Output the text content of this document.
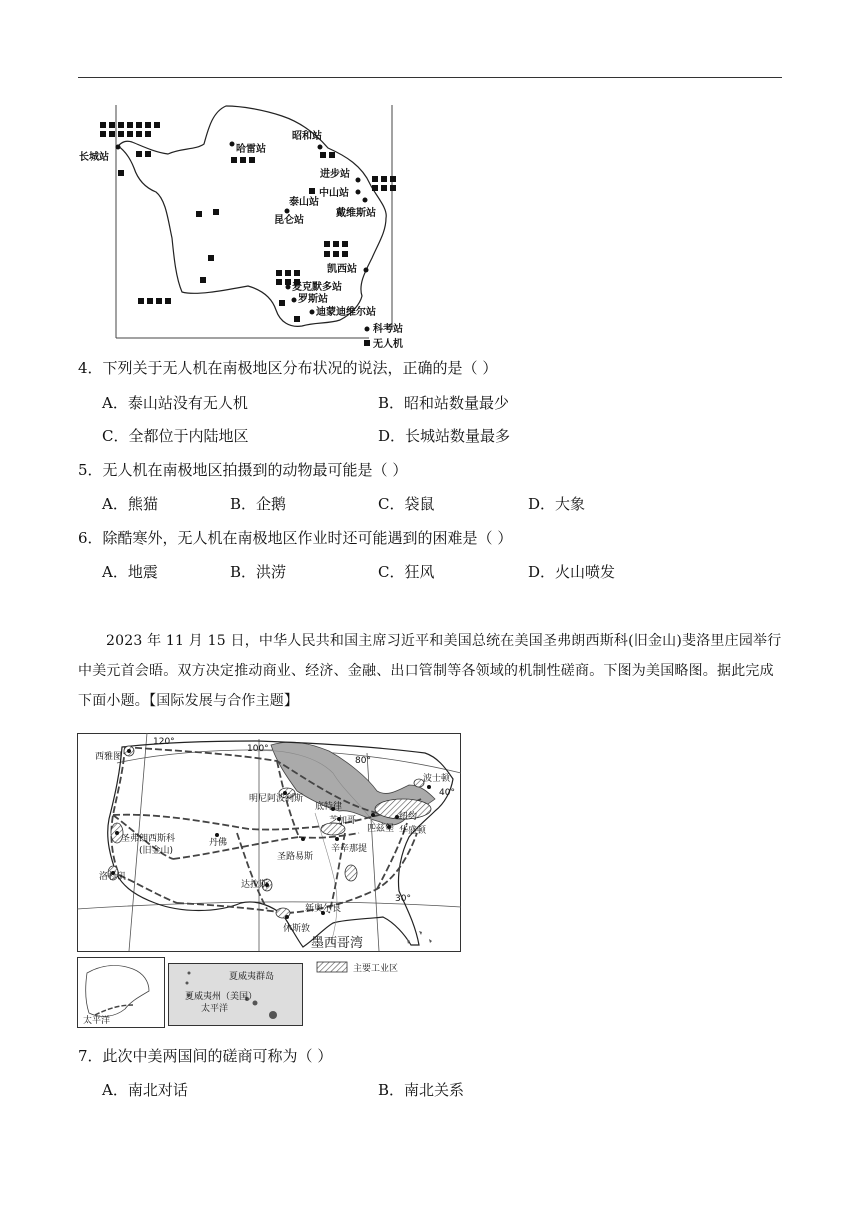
长城站
哈雷站
昭和站
进步站
中山站
泰山站
戴维斯站
昆仑站
凯西站
麦克默多站
罗斯站
迪蒙迪维尔站
科考站
无人机
4．下列关于无人机在南极地区分布状况的说法，正确的是（ ）
A．泰山站没有无人机	B．昭和站数量最少
C．全都位于内陆地区	D．长城站数量最多
5．无人机在南极地区拍摄到的动物最可能是（ ）
A．熊猫	B．企鹅	C．袋鼠	D．大象
6．除酷寒外，无人机在南极地区作业时还可能遇到的困难是（ ）
A．地震	B．洪涝	C．狂风	D．火山喷发

2023 年 11 月 15 日，中华人民共和国主席习近平和美国总统在美国圣弗朗西斯科(旧金山)斐洛里庄园举行中美元首会晤。双方决定推动商业、经济、金融、出口管制等各领域的机制性磋商。下图为美国略图。据此完成下面小题。【国际发展与合作主题】

120°
100°
80°
40°
30°
西雅图
明尼阿波利斯
底特律
芝加哥
匹兹堡
波士顿
纽约
华盛顿
圣弗朗西斯科
(旧金山)
丹佛
圣路易斯
辛辛那提
洛杉矶
达拉斯
新奥尔良
休斯敦
墨西哥湾
太平洋
夏威夷群岛
夏威夷州（美国）
太平洋
主要工业区
7．此次中美两国间的磋商可称为（ ）
A．南北对话	B．南北关系
